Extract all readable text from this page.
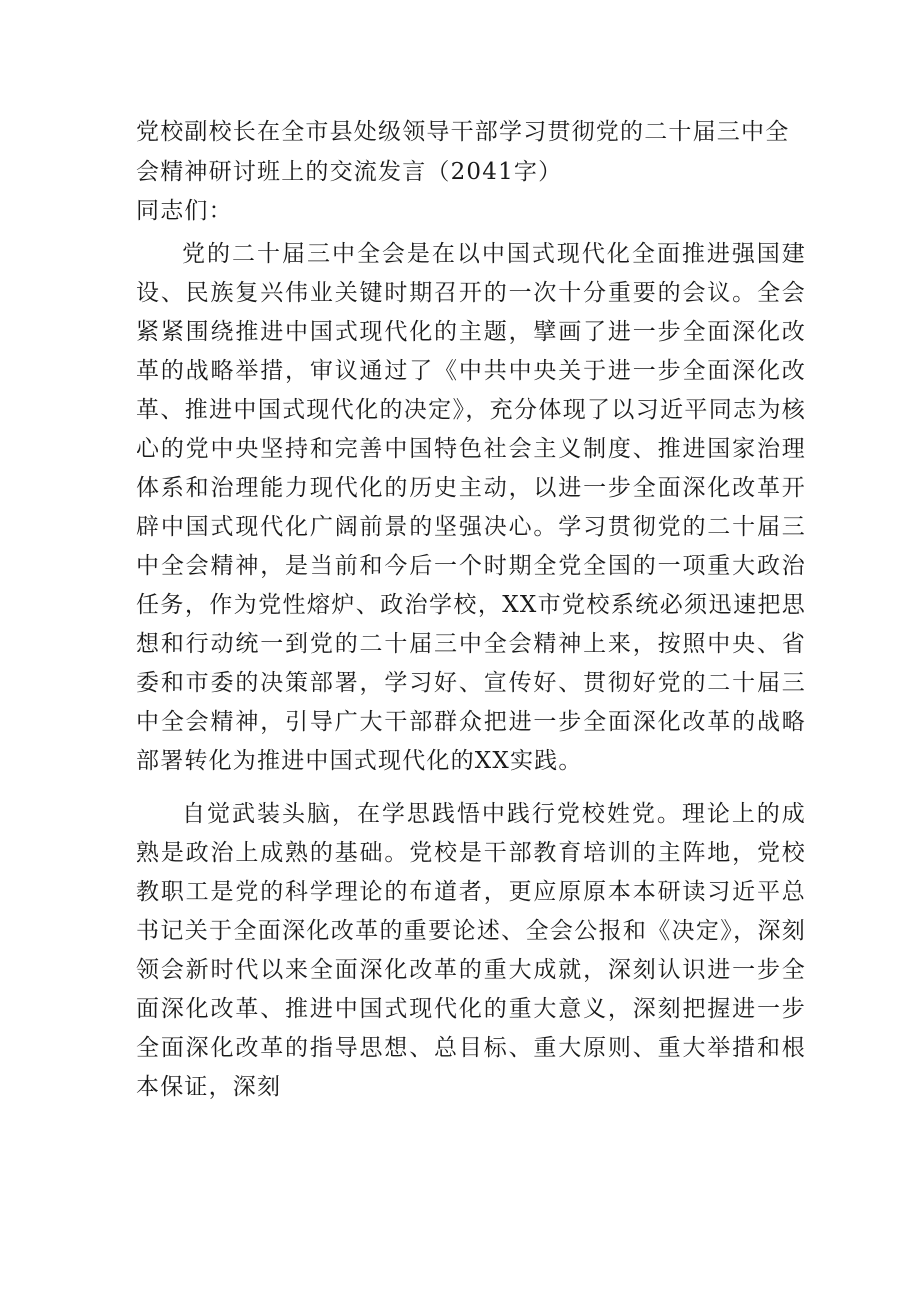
党校副校长在全市县处级领导干部学习贯彻党的二十届三中全会精神研讨班上的交流发言（2041字）

同志们：

党的二十届三中全会是在以中国式现代化全面推进强国建设、民族复兴伟业关键时期召开的一次十分重要的会议。全会紧紧围绕推进中国式现代化的主题，擘画了进一步全面深化改革的战略举措，审议通过了《中共中央关于进一步全面深化改革、推进中国式现代化的决定》，充分体现了以习近平同志为核心的党中央坚持和完善中国特色社会主义制度、推进国家治理体系和治理能力现代化的历史主动，以进一步全面深化改革开辟中国式现代化广阔前景的坚强决心。学习贯彻党的二十届三中全会精神，是当前和今后一个时期全党全国的一项重大政治任务，作为党性熔炉、政治学校，XX市党校系统必须迅速把思想和行动统一到党的二十届三中全会精神上来，按照中央、省委和市委的决策部署，学习好、宣传好、贯彻好党的二十届三中全会精神，引导广大干部群众把进一步全面深化改革的战略部署转化为推进中国式现代化的XX实践。

自觉武装头脑，在学思践悟中践行党校姓党。理论上的成熟是政治上成熟的基础。党校是干部教育培训的主阵地，党校教职工是党的科学理论的布道者，更应原原本本研读习近平总书记关于全面深化改革的重要论述、全会公报和《决定》，深刻领会新时代以来全面深化改革的重大成就，深刻认识进一步全面深化改革、推进中国式现代化的重大意义，深刻把握进一步全面深化改革的指导思想、总目标、重大原则、重大举措和根本保证，深刻
